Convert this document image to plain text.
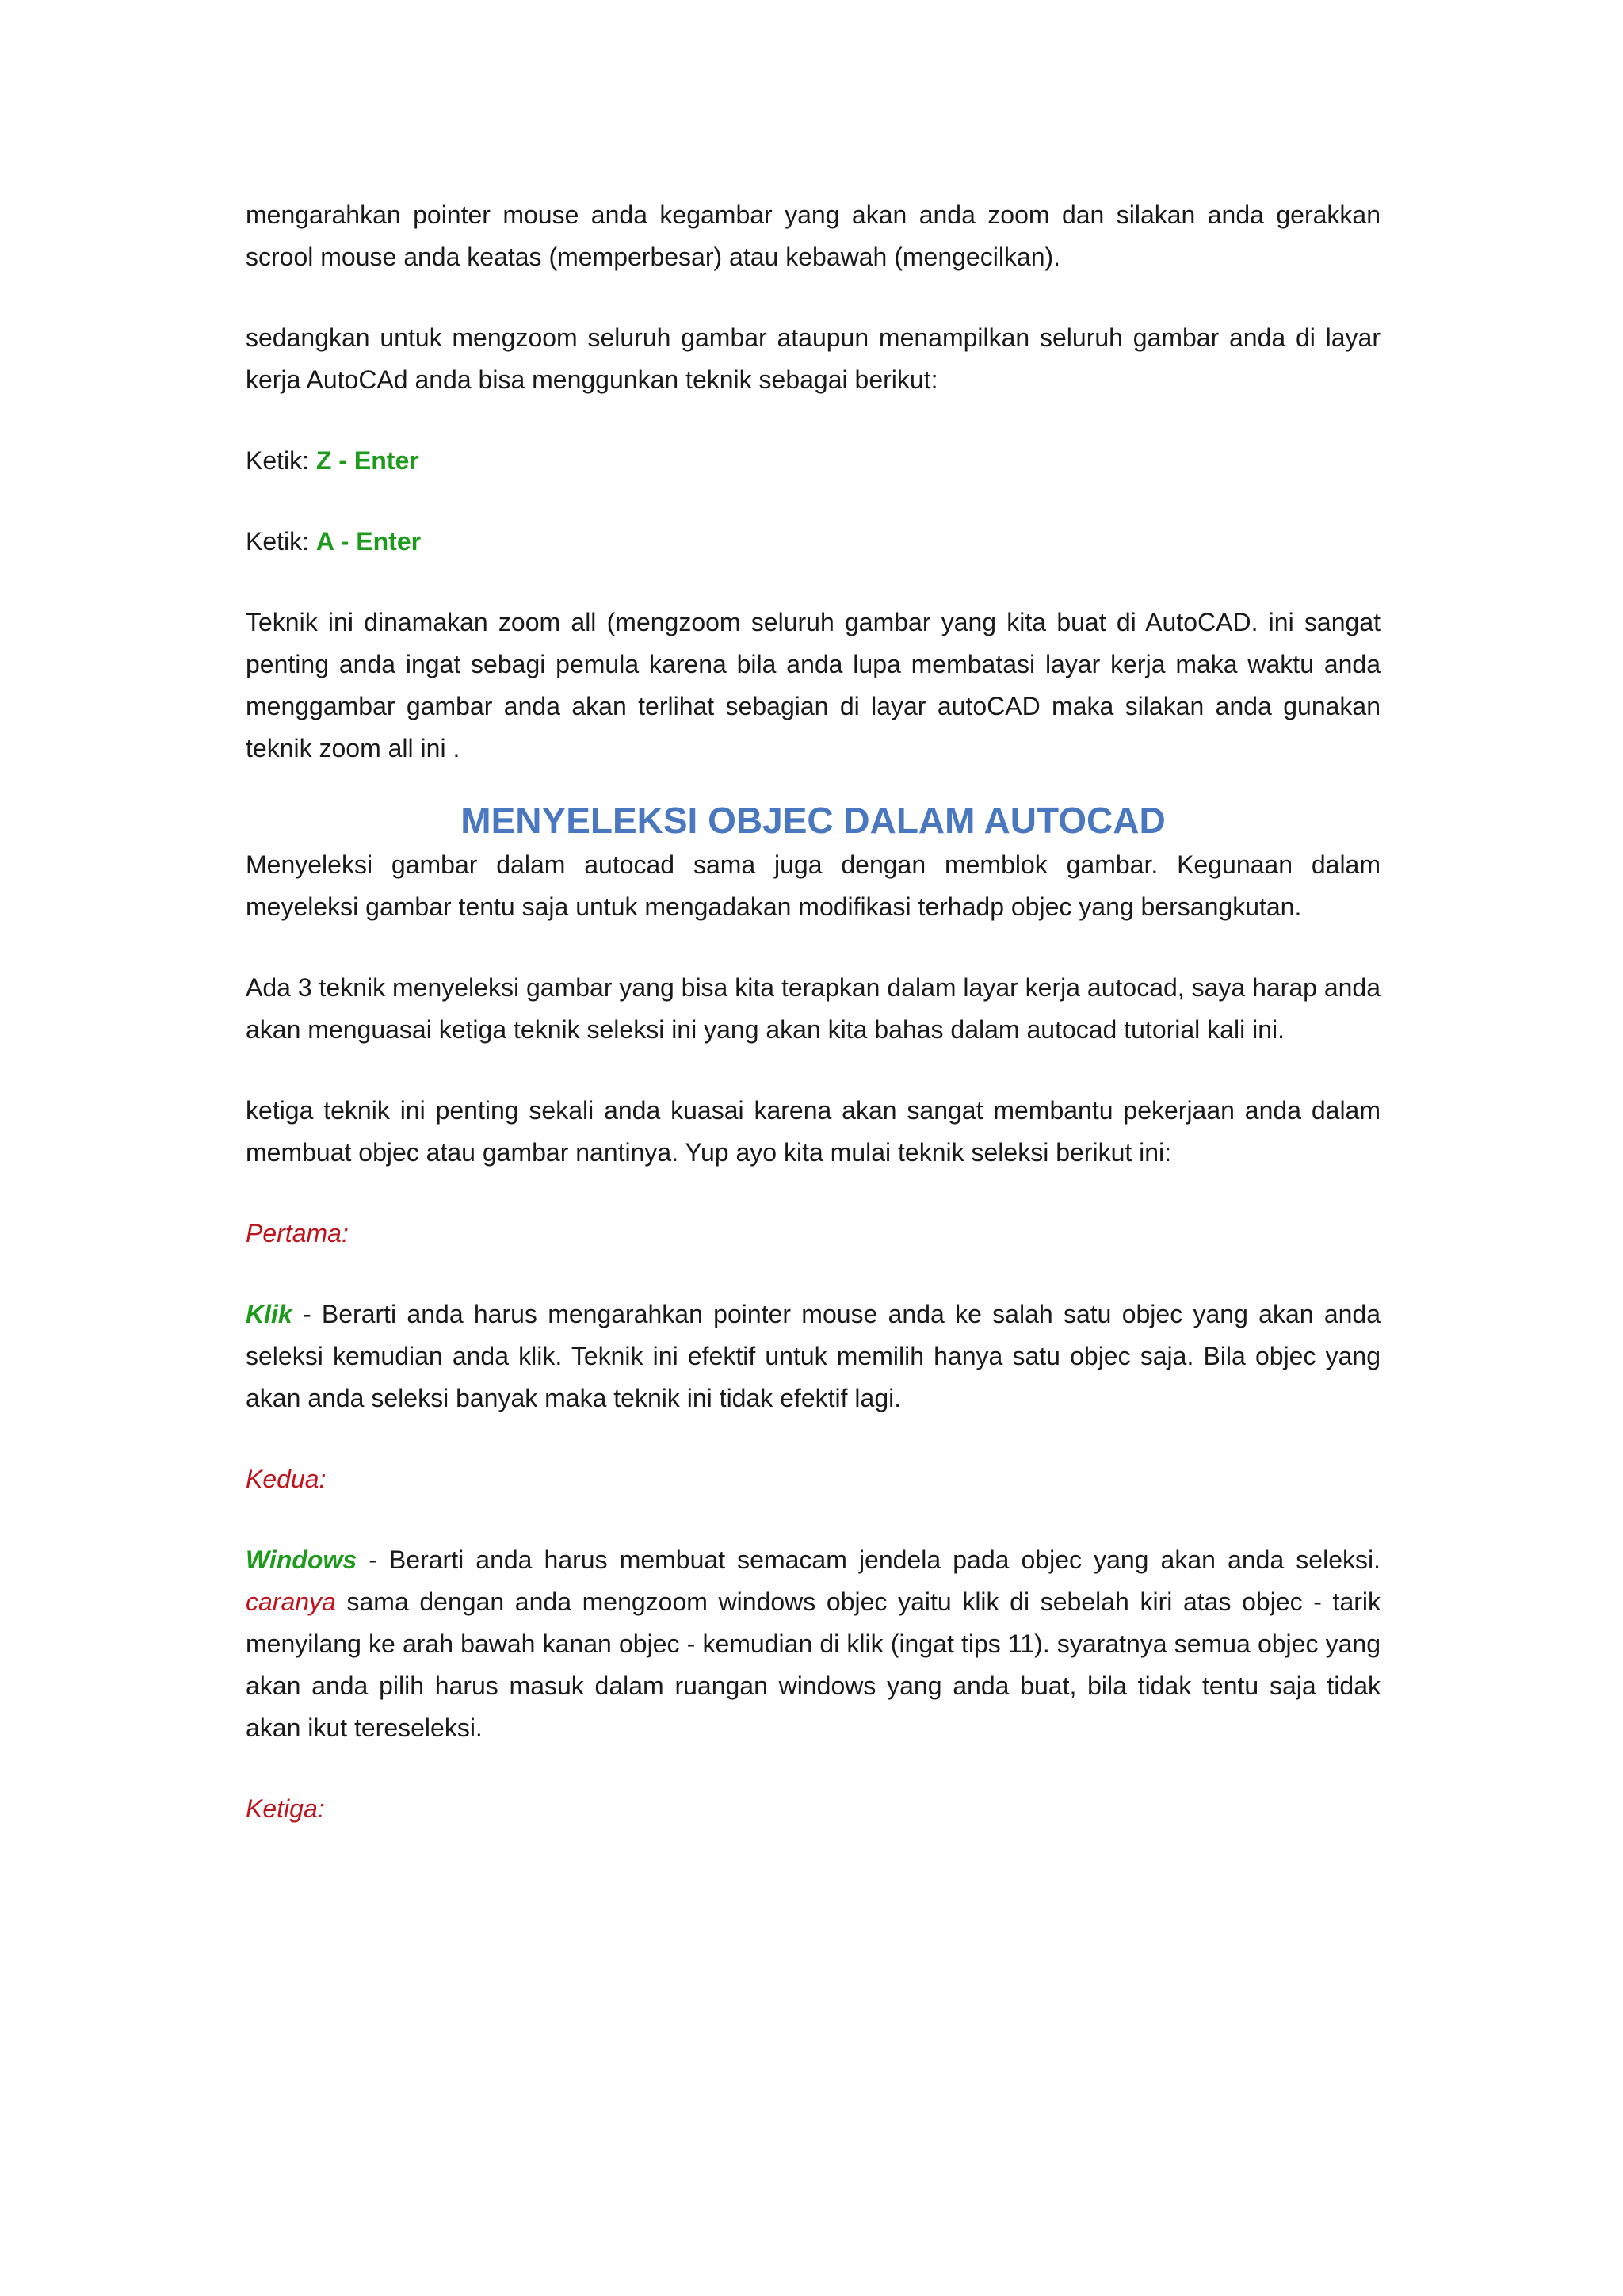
mengarahkan pointer mouse anda kegambar yang akan anda zoom dan silakan anda gerakkan scrool mouse anda keatas (memperbesar) atau kebawah (mengecilkan).

sedangkan untuk mengzoom seluruh gambar ataupun menampilkan seluruh gambar anda di layar kerja AutoCAd anda bisa menggunkan teknik sebagai berikut:

Ketik: Z - Enter

Ketik: A - Enter

Teknik ini dinamakan zoom all (mengzoom seluruh gambar yang kita buat di AutoCAD. ini sangat penting anda ingat sebagi pemula karena bila anda lupa membatasi layar kerja maka waktu anda menggambar gambar anda akan terlihat sebagian di layar autoCAD maka silakan anda gunakan teknik zoom all ini .

MENYELEKSI OBJEC DALAM AUTOCAD

Menyeleksi gambar dalam autocad sama juga dengan memblok gambar. Kegunaan dalam meyeleksi gambar tentu saja untuk mengadakan modifikasi terhadp objec yang bersangkutan.

Ada 3 teknik menyeleksi gambar yang bisa kita terapkan dalam layar kerja autocad, saya harap anda akan menguasai ketiga teknik seleksi ini yang akan kita bahas dalam autocad tutorial kali ini.

ketiga teknik ini penting sekali anda kuasai karena akan sangat membantu pekerjaan anda dalam membuat objec atau gambar nantinya. Yup ayo kita mulai teknik seleksi berikut ini:

Pertama:

Klik - Berarti anda harus mengarahkan pointer mouse anda ke salah satu objec yang akan anda seleksi kemudian anda klik. Teknik ini efektif untuk memilih hanya satu objec saja. Bila objec yang akan anda seleksi banyak maka teknik ini tidak efektif lagi.

Kedua:

Windows - Berarti anda harus membuat semacam jendela pada objec yang akan anda seleksi. caranya sama dengan anda mengzoom windows objec yaitu klik di sebelah kiri atas objec - tarik menyilang ke arah bawah kanan objec - kemudian di klik (ingat tips 11). syaratnya semua objec yang akan anda pilih harus masuk dalam ruangan windows yang anda buat, bila tidak tentu saja tidak akan ikut tereseleksi.

Ketiga:
